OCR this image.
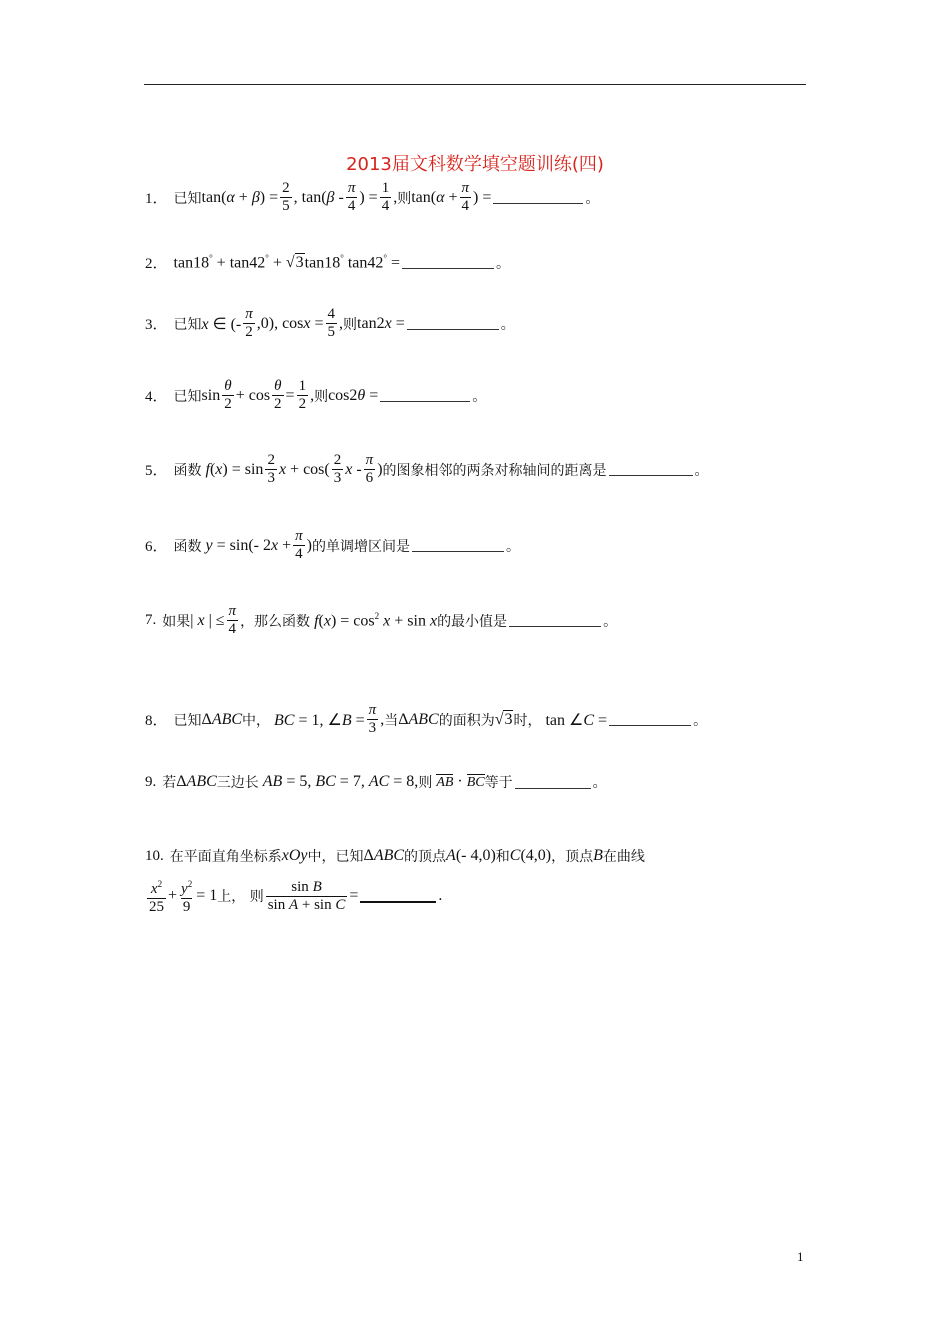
2013届文科数学填空题训练(四)
1． 已知 $\tan(\alpha + \beta) = \frac{2}{5}$ , $\tan(\beta - \frac{\pi}{4}$ ) = $\frac{1}{4}$ , 则 $\tan(\alpha + \frac{\pi}{4}$ ) =	。
2． tan18° + tan42° + √3tan18° tan42° =	。
3． 已知 x ∈ (- $\frac{\pi}{2} ,0$), $\cos x = \frac{4}{5}$ , 则 tan2x =	。
4． 已知 $\sin \frac{\theta}{2} + \cos \frac{\theta}{2} = \frac{1}{2}$ , 则 cos2θ =	。
5． 函数 $f(x) = \sin \frac{2}{3}$ $x + \cos( \frac{2}{3}$ x - $\frac{\pi}{6}$ ) 的图象相邻的两条对称轴间的距离是	。
6． 函数 y = sin(- $2x + \frac{\pi}{4}$ ) 的单调增区间是	。
7. 如果 | x | ≤ $\frac{\pi}{4}$ ，那么函数 $f(x) = \cos^2 x + \sin x$ 的最小值是	。
8． 已知 ΔABC 中， BC = 1, ∠B = $\frac{\pi}{3}$ , 当 ΔABC 的面积为 √3 时， tan ∠C =	。
9. 若 ΔABC 三边长 AB = 5, BC = 7, AC = 8, 则 AB · BC 等于	。
10. 在平面直角坐标系 xOy 中，已知 ΔABC 的顶点 A(- 4,0) 和 C(4,0) ，顶点 B 在曲线
$\frac{x^2}{25} + \frac{y^2}{9} = 1$ 上，
则 $\frac{\text{sin B}}{\text{sin A + sin C}}$ =	.
1
